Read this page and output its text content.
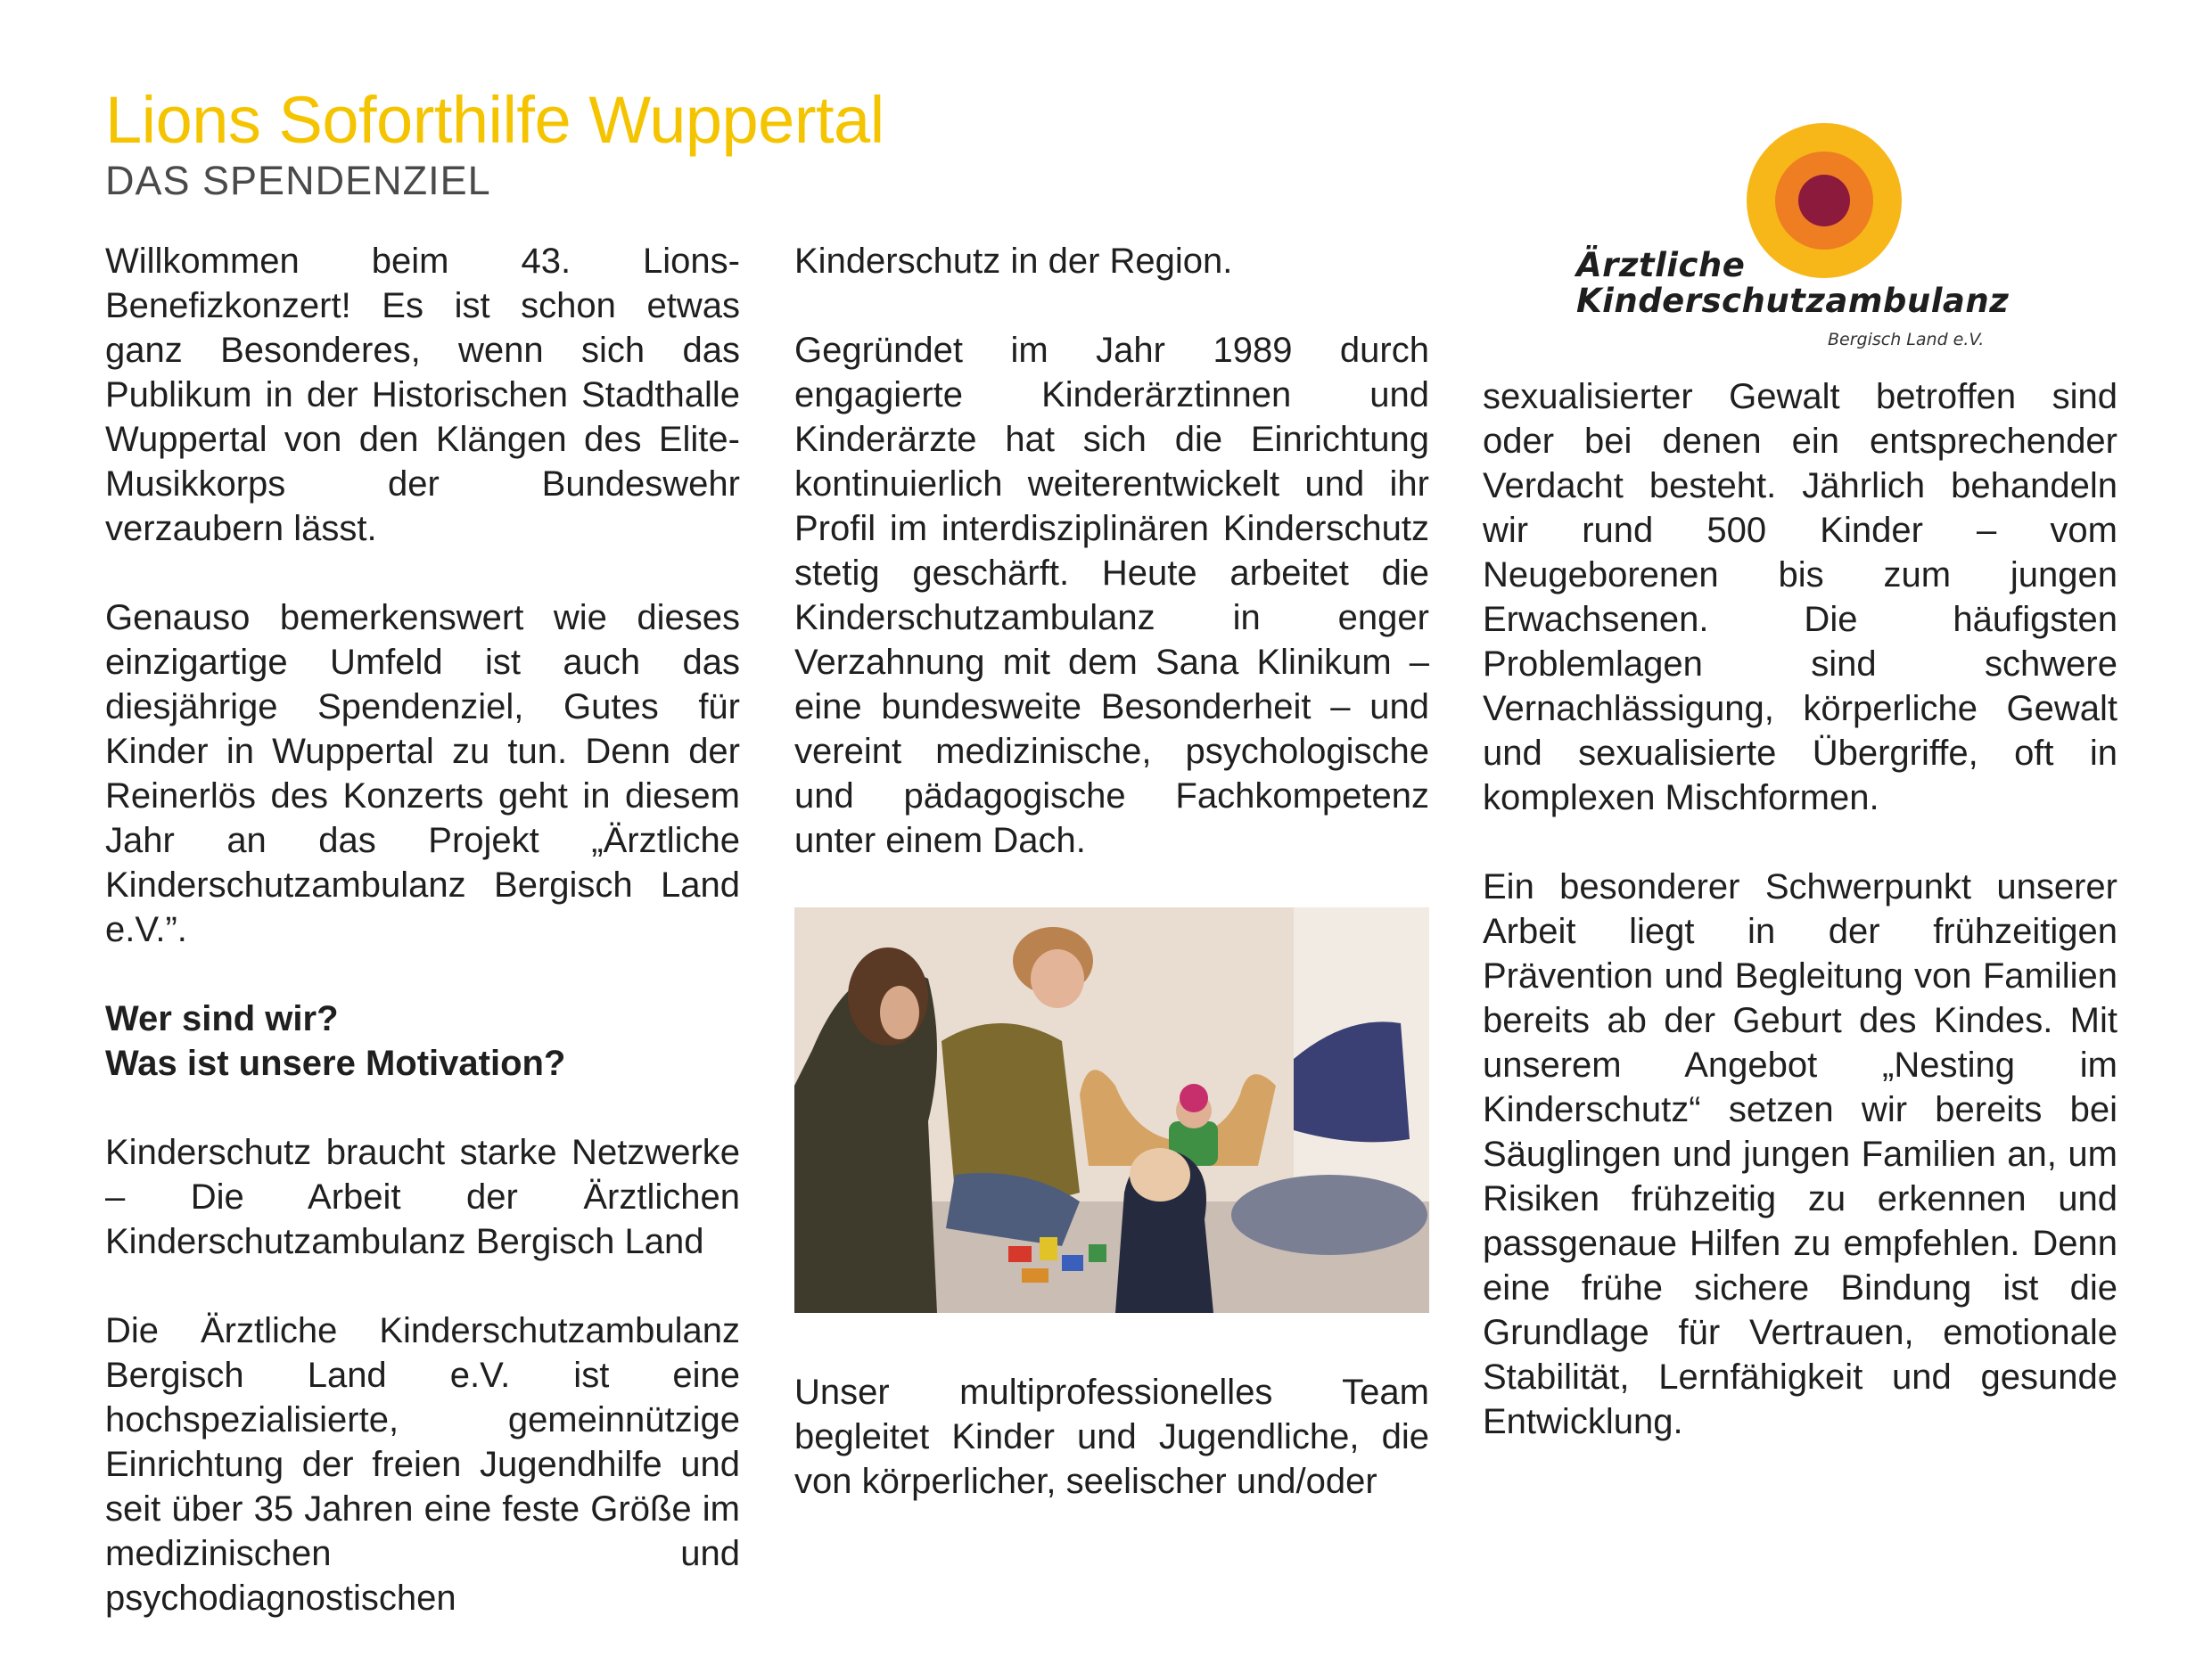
Lions Soforthilfe Wuppertal
DAS SPENDENZIEL
Ärztliche
Kinderschutzambulanz
Bergisch Land e.V.

Willkommen beim 43. Lions-Benefizkonzert! Es ist schon etwas ganz Besonderes, wenn sich das Publikum in der Historischen Stadthalle Wuppertal von den Klängen des Elite-Musikkorps der Bundeswehr verzaubern lässt.

Genauso bemerkenswert wie dieses einzigartige Umfeld ist auch das diesjährige Spendenziel, Gutes für Kinder in Wuppertal zu tun. Denn der Reinerlös des Konzerts geht in diesem Jahr an das Projekt „Ärztliche Kinderschutzambulanz Bergisch Land e.V.”.

Wer sind wir?
Was ist unsere Motivation?

Kinderschutz braucht starke Netzwerke – Die Arbeit der Ärztlichen Kinderschutzambulanz Bergisch Land

Die Ärztliche Kinderschutzambulanz Bergisch Land e.V. ist eine hochspezialisierte, gemeinnützige Einrichtung der freien Jugendhilfe und seit über 35 Jahren eine feste Größe im medizinischen und psychodiagnostischen

Kinderschutz in der Region.

Gegründet im Jahr 1989 durch engagierte Kinderärztinnen und Kinderärzte hat sich die Einrichtung kontinuierlich weiterentwickelt und ihr Profil im interdisziplinären Kinderschutz stetig geschärft. Heute arbeitet die Kinderschutzambulanz in enger Verzahnung mit dem Sana Klinikum – eine bundesweite Besonderheit – und vereint medizinische, psychologische und pädagogische Fachkompetenz unter einem Dach.

Unser multiprofessionelles Team begleitet Kinder und Jugendliche, die von körperlicher, seelischer und/oder

sexualisierter Gewalt betroffen sind oder bei denen ein entsprechender Verdacht besteht. Jährlich behandeln wir rund 500 Kinder – vom Neugeborenen bis zum jungen Erwachsenen. Die häufigsten Problemlagen sind schwere Vernachlässigung, körperliche Gewalt und sexualisierte Übergriffe, oft in komplexen Mischformen.

Ein besonderer Schwerpunkt unserer Arbeit liegt in der frühzeitigen Prävention und Begleitung von Familien bereits ab der Geburt des Kindes. Mit unserem Angebot „Nesting im Kinderschutz“ setzen wir bereits bei Säuglingen und jungen Familien an, um Risiken frühzeitig zu erkennen und passgenaue Hilfen zu empfehlen. Denn eine frühe sichere Bindung ist die Grundlage für Vertrauen, emotionale Stabilität, Lernfähigkeit und gesunde Entwicklung.
